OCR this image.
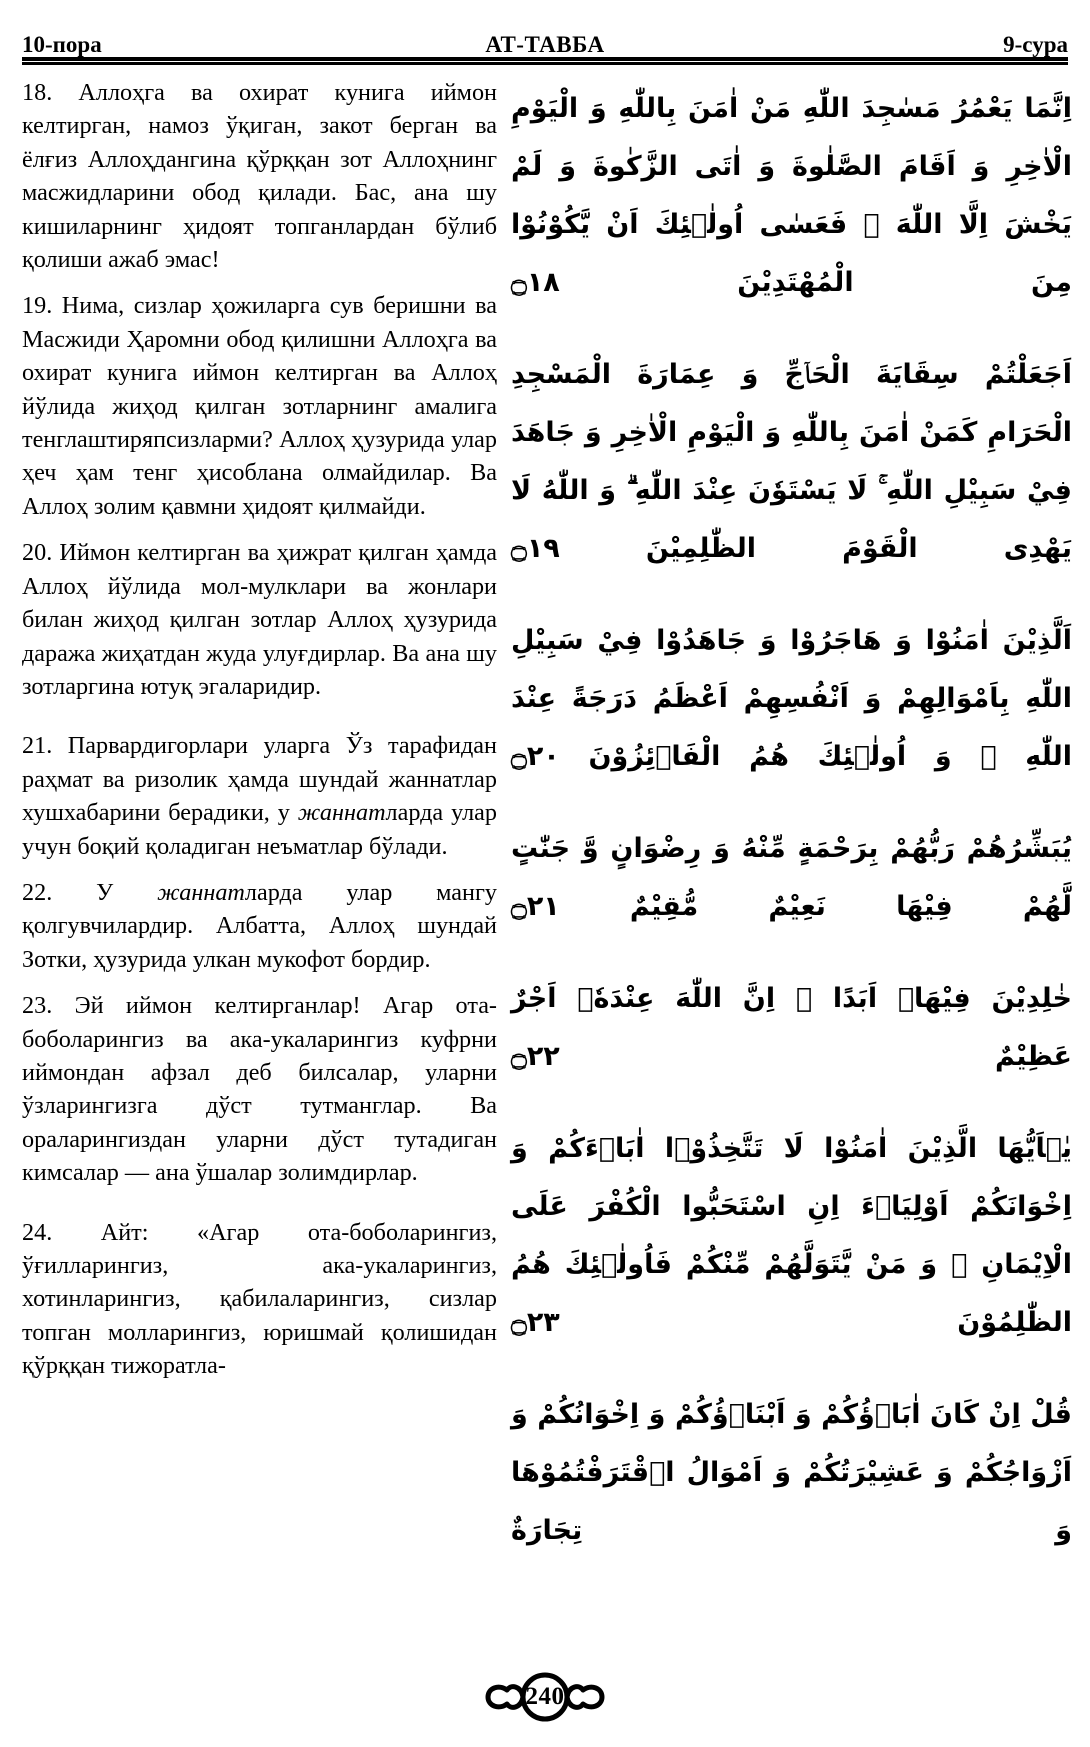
10-пора	АТ-ТАВБА	9-сура

18. Аллоҳга ва охират кунига иймон келтирган, намоз ўқиган, закот берган ва ёлғиз Аллоҳдангина қўрққан зот Аллоҳнинг масжидларини обод қилади. Бас, ана шу кишиларнинг ҳидоят топганлардан бўлиб қолиши ажаб эмас!

19. Нима, сизлар ҳожиларга сув беришни ва Масжиди Ҳаромни обод қилишни Аллоҳга ва охират кунига иймон келтирган ва Аллоҳ йўлида жиҳод қилган зотларнинг амалига тенглаштиряпсизларми? Аллоҳ ҳузурида улар ҳеч ҳам тенг ҳисоблана олмайдилар. Ва Аллоҳ золим қавмни ҳидоят қилмайди.

20. Иймон келтирган ва ҳижрат қилган ҳамда Аллоҳ йўлида мол-мулклари ва жонлари билан жиҳод қилган зотлар Аллоҳ ҳузурида даража жиҳатдан жуда улуғдирлар. Ва ана шу зотларгина ютуқ эгаларидир.

21. Парвардигорлари уларга Ўз тарафидан раҳмат ва ризолик ҳамда шундай жаннатлар хушхабарини берадики, у жаннатларда улар учун боқий қоладиган неъматлар бўлади.

22. У жаннатларда улар мангу қолгувчилардир. Албатта, Аллоҳ шундай Зотки, ҳузурида улкан мукофот бордир.

23. Эй иймон келтирганлар! Агар ота-боболарингиз ва ака-укаларингиз куфрни иймондан афзал деб билсалар, уларни ўзларингизга дўст тутманглар. Ва ораларингиздан уларни дўст тутадиган кимсалар — ана ўшалар золимдирлар.

24. Айт: «Агар ота-боболарингиз, ўғилларингиз, ака-укаларингиз, хотинларингиз, қабилаларингиз, сизлар топган молларингиз, юришмай қолишидан қўрққан тижоратла-

اِنَّمَا يَعْمُرُ مَسٰجِدَ اللّٰهِ مَنْ اٰمَنَ بِاللّٰهِ وَ الْيَوْمِ الْاٰخِرِ وَ اَقَامَ الصَّلٰوةَ وَ اٰتَى الزَّكٰوةَ وَ لَمْ يَخْشَ اِلَّا اللّٰهَ ۖ فَعَسٰى اُولٰۤئِكَ اَنْ يَّكُوْنُوْا مِنَ الْمُهْتَدِيْنَ ۝١٨

اَجَعَلْتُمْ سِقَايَةَ الْحَاۤجِّ وَ عِمَارَةَ الْمَسْجِدِ الْحَرَامِ كَمَنْ اٰمَنَ بِاللّٰهِ وَ الْيَوْمِ الْاٰخِرِ وَ جَاهَدَ فِيْ سَبِيْلِ اللّٰهِ ۚ لَا يَسْتَوٗنَ عِنْدَ اللّٰهِ ۗ وَ اللّٰهُ لَا يَهْدِى الْقَوْمَ الظّٰلِمِيْنَ ۝١٩

اَلَّذِيْنَ اٰمَنُوْا وَ هَاجَرُوْا وَ جَاهَدُوْا فِيْ سَبِيْلِ اللّٰهِ بِاَمْوَالِهِمْ وَ اَنْفُسِهِمْ اَعْظَمُ دَرَجَةً عِنْدَ اللّٰهِ ۚ وَ اُولٰۤئِكَ هُمُ الْفَاۤئِزُوْنَ ۝٢٠

يُبَشِّرُهُمْ رَبُّهُمْ بِرَحْمَةٍ مِّنْهُ وَ رِضْوَانٍ وَّ جَنّٰتٍ لَّهُمْ فِيْهَا نَعِيْمٌ مُّقِيْمٌ ۝٢١

خٰلِدِيْنَ فِيْهَاۤ اَبَدًا ۗ اِنَّ اللّٰهَ عِنْدَهٗۤ اَجْرٌ عَظِيْمٌ ۝٢٢

يٰۤاَيُّهَا الَّذِيْنَ اٰمَنُوْا لَا تَتَّخِذُوْۤا اٰبَاۤءَكُمْ وَ اِخْوَانَكُمْ اَوْلِيَاۤءَ اِنِ اسْتَحَبُّوا الْكُفْرَ عَلَى الْاِيْمَانِ ۚ وَ مَنْ يَّتَوَلَّهُمْ مِّنْكُمْ فَاُولٰۤئِكَ هُمُ الظّٰلِمُوْنَ ۝٢٣

قُلْ اِنْ كَانَ اٰبَاۤؤُكُمْ وَ اَبْنَاۤؤُكُمْ وَ اِخْوَانُكُمْ وَ اَزْوَاجُكُمْ وَ عَشِيْرَتُكُمْ وَ اَمْوَالُ ا۟قْتَرَفْتُمُوْهَا وَ تِجَارَةٌ

240
